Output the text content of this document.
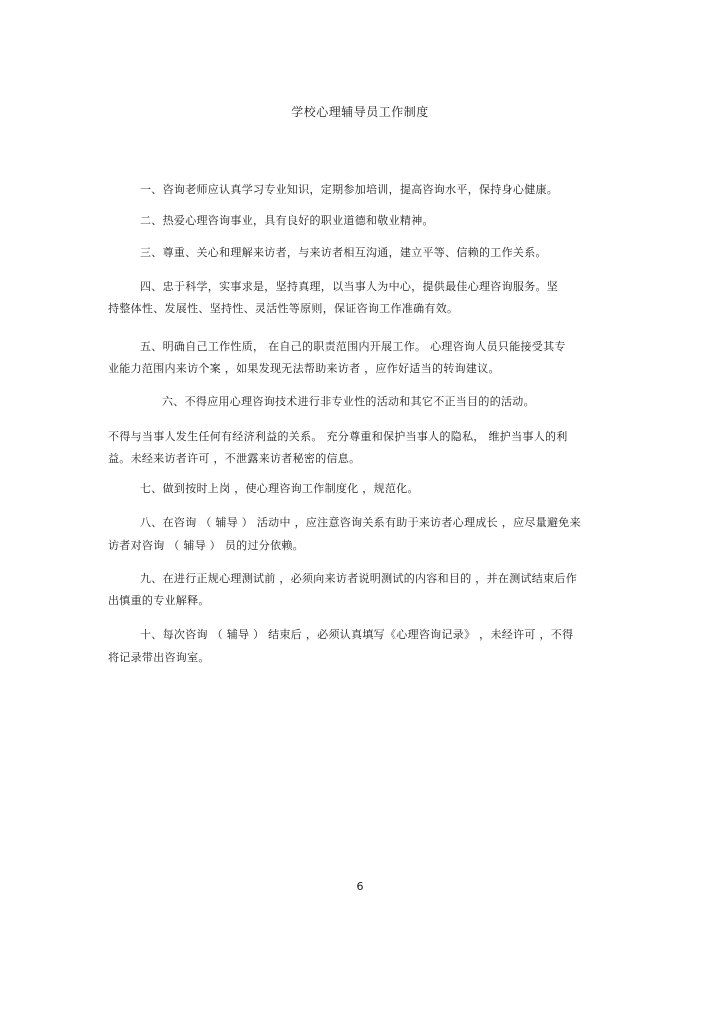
学校心理辅导员工作制度
一、咨询老师应认真学习专业知识，定期参加培训，提高咨询水平，保持身心健康。
二、热爱心理咨询事业，具有良好的职业道德和敬业精神。
三、尊重、关心和理解来访者，与来访者相互沟通，建立平等、信赖的工作关系。
四、忠于科学，实事求是，坚持真理，以当事人为中心，提供最佳心理咨询服务。坚
持整体性、发展性、坚持性、灵活性等原则，保证咨询工作准确有效。
五、明确自己工作性质， 在自己的职责范围内开展工作。 心理咨询人员只能接受其专
业能力范围内来访个案 ，如果发现无法帮助来访者 ，应作好适当的转询建议。
六、不得应用心理咨询技术进行非专业性的活动和其它不正当目的的活动。
不得与当事人发生任何有经济利益的关系。 充分尊重和保护当事人的隐私， 维护当事人的利
益。未经来访者许可 ，不泄露来访者秘密的信息。
七、做到按时上岗 ，使心理咨询工作制度化 ，规范化。
八、在咨询 （ 辅导 ） 活动中 ，应注意咨询关系有助于来访者心理成长 ，应尽量避免来
访者对咨询 （ 辅导 ） 员的过分依赖。
九、在进行正规心理测试前 ，必须向来访者说明测试的内容和目的 ，并在测试结束后作
出慎重的专业解释。
十、每次咨询 （ 辅导 ） 结束后 ，必须认真填写《心理咨询记录》 ，未经许可 ，不得
将记录带出咨询室。
6
